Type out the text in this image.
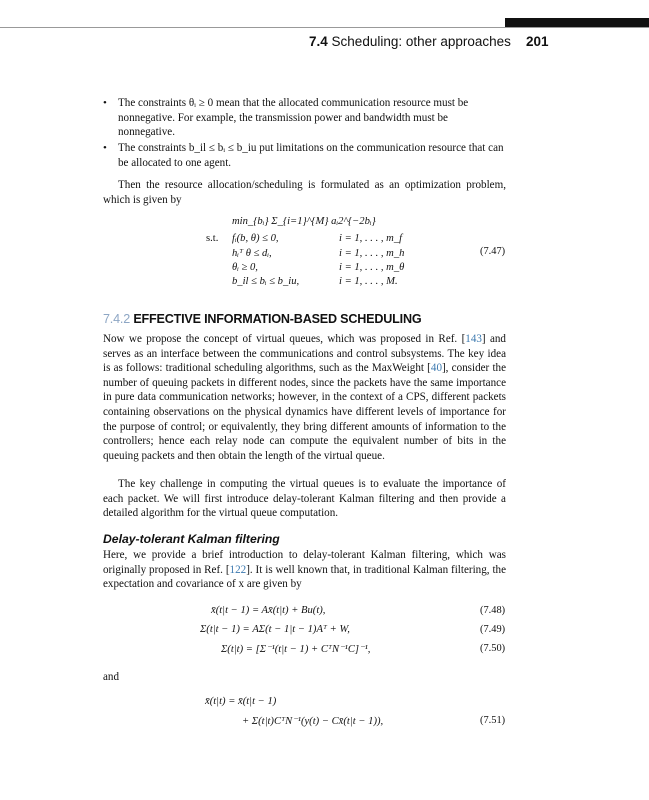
7.4 Scheduling: other approaches 201
• The constraints θᵢ ≥ 0 mean that the allocated communication resource must be nonnegative. For example, the transmission power and bandwidth must be nonnegative.
• The constraints b_il ≤ bᵢ ≤ b_iu put limitations on the communication resource that can be allocated to one agent.
Then the resource allocation/scheduling is formulated as an optimization problem, which is given by
min_{bᵢ} Σ_{i=1}^{M} aᵢ2^{−2bᵢ}
s.t. fᵢ(b, θ) ≤ 0,	i = 1, . . . , m_f
hᵢᵀ θ ≤ dᵢ,	i = 1, . . . , m_h
θᵢ ≥ 0,	i = 1, . . . , m_θ
b_il ≤ bᵢ ≤ b_iu,	i = 1, . . . , M.
(7.47)
7.4.2 EFFECTIVE INFORMATION-BASED SCHEDULING
Now we propose the concept of virtual queues, which was proposed in Ref. [143] and serves as an interface between the communications and control subsystems. The key idea is as follows: traditional scheduling algorithms, such as the MaxWeight [40], consider the number of queuing packets in different nodes, since the packets have the same importance in pure data communication networks; however, in the context of a CPS, different packets containing observations on the physical dynamics have different levels of importance for the purpose of control; or equivalently, they bring different amounts of information to the controllers; hence each relay node can compute the equivalent number of bits in the queuing packets and then obtain the length of the virtual queue.
The key challenge in computing the virtual queues is to evaluate the importance of each packet. We will first introduce delay-tolerant Kalman filtering and then provide a detailed algorithm for the virtual queue computation.
Delay-tolerant Kalman filtering
Here, we provide a brief introduction to delay-tolerant Kalman filtering, which was originally proposed in Ref. [122]. It is well known that, in traditional Kalman filtering, the expectation and covariance of x are given by
x̄(t|t − 1) = Ax̄(t|t) + Bu(t),	(7.48)
Σ(t|t − 1) = AΣ(t − 1|t − 1)Aᵀ + W,	(7.49)
Σ(t|t) = [Σ⁻¹(t|t − 1) + CᵀN⁻¹C]⁻¹,	(7.50)
and
x̄(t|t) = x̄(t|t − 1)
+ Σ(t|t)CᵀN⁻¹(y(t) − Cx̄(t|t − 1)),	(7.51)
